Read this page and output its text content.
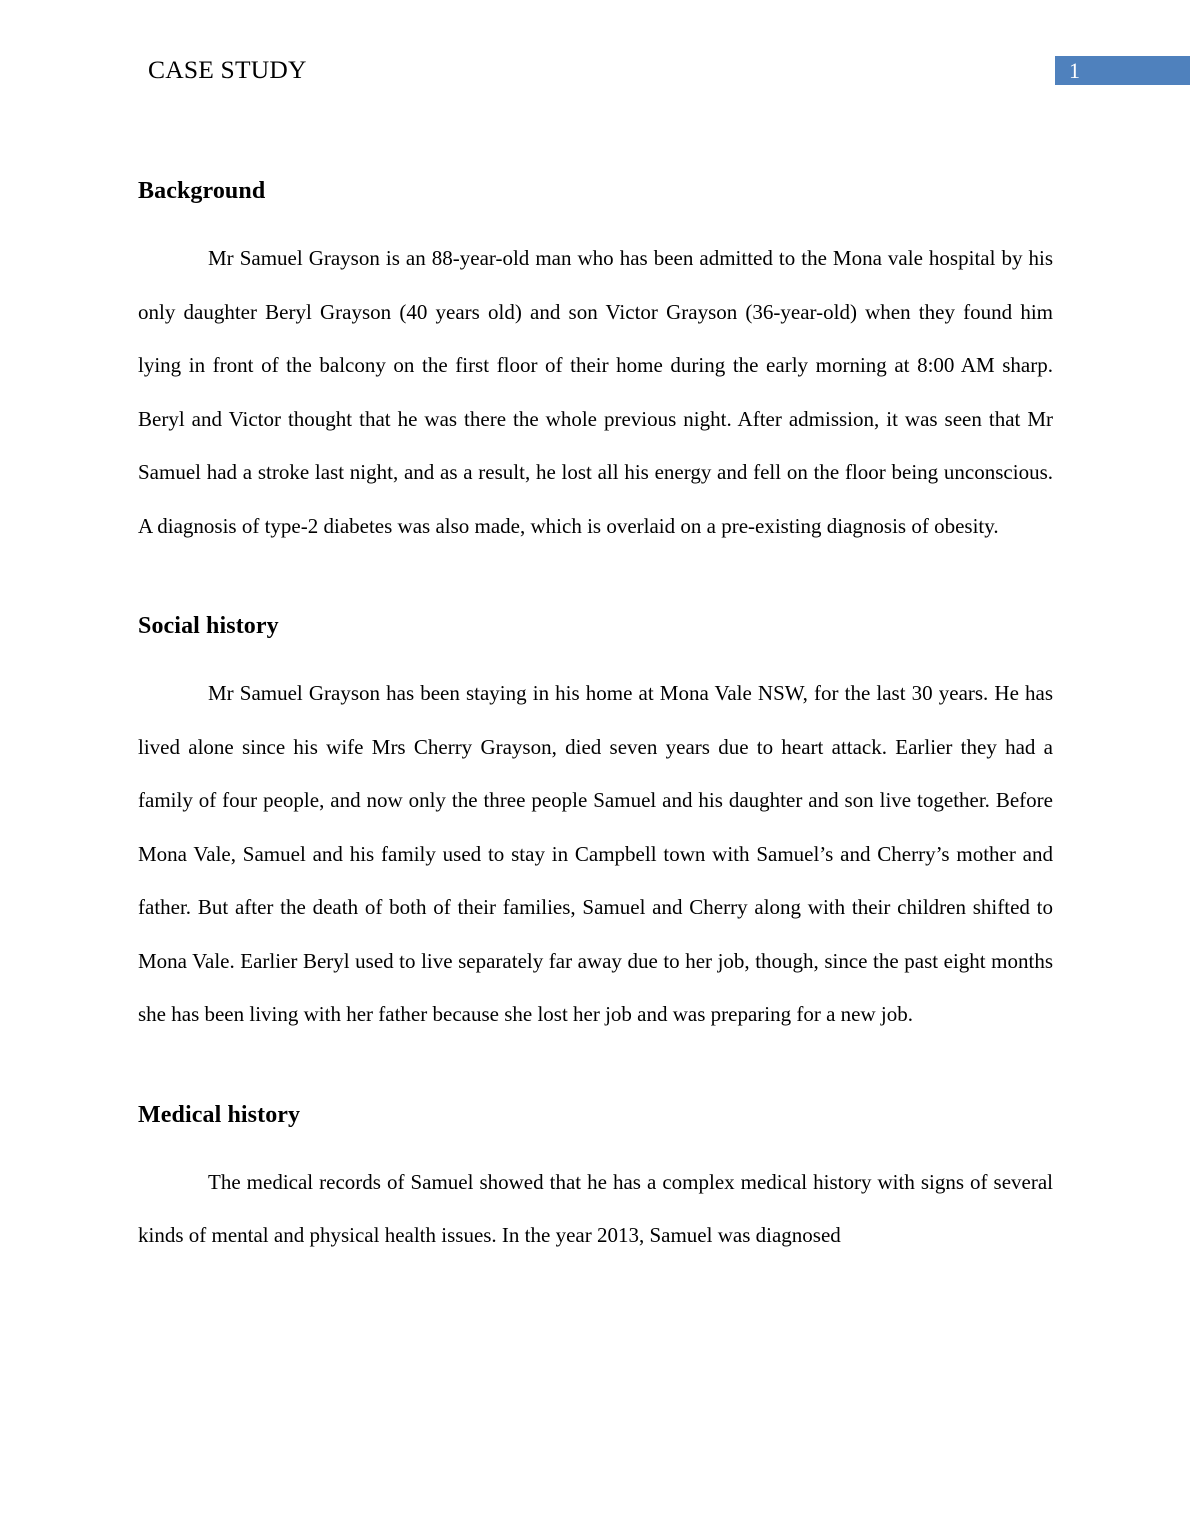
CASE STUDY	1
Background

Mr Samuel Grayson is an 88-year-old man who has been admitted to the Mona vale hospital by his only daughter Beryl Grayson (40 years old) and son Victor Grayson (36-year-old) when they found him lying in front of the balcony on the first floor of their home during the early morning at 8:00 AM sharp. Beryl and Victor thought that he was there the whole previous night. After admission, it was seen that Mr Samuel had a stroke last night, and as a result, he lost all his energy and fell on the floor being unconscious. A diagnosis of type-2 diabetes was also made, which is overlaid on a pre-existing diagnosis of obesity.

Social history

Mr Samuel Grayson has been staying in his home at Mona Vale NSW, for the last 30 years. He has lived alone since his wife Mrs Cherry Grayson, died seven years due to heart attack. Earlier they had a family of four people, and now only the three people Samuel and his daughter and son live together. Before Mona Vale, Samuel and his family used to stay in Campbell town with Samuel’s and Cherry’s mother and father. But after the death of both of their families, Samuel and Cherry along with their children shifted to Mona Vale. Earlier Beryl used to live separately far away due to her job, though, since the past eight months she has been living with her father because she lost her job and was preparing for a new job.

Medical history

The medical records of Samuel showed that he has a complex medical history with signs of several kinds of mental and physical health issues. In the year 2013, Samuel was diagnosed
